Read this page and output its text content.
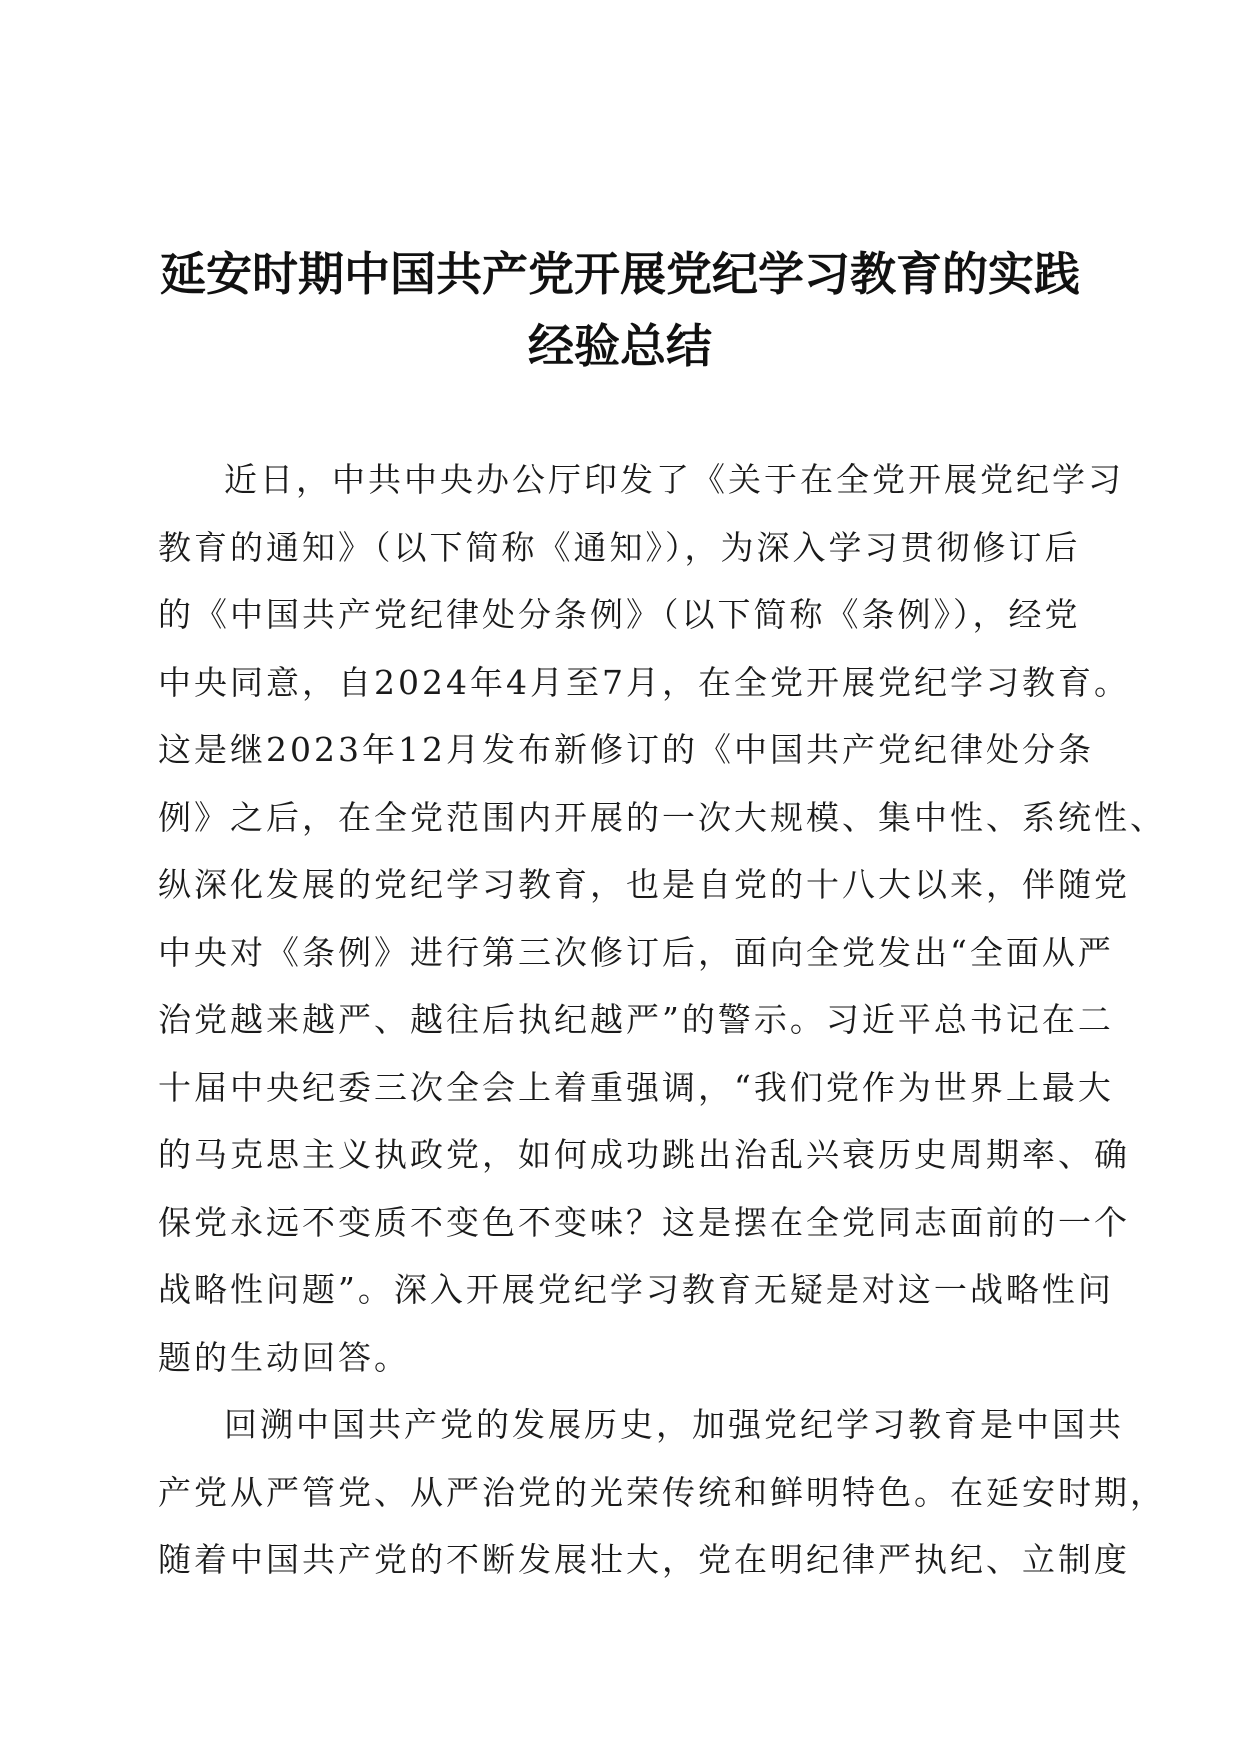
延安时期中国共产党开展党纪学习教育的实践
经验总结

近日，中共中央办公厅印发了《关于在全党开展党纪学习
教育的通知》（以下简称《通知》），为深入学习贯彻修订后
的《中国共产党纪律处分条例》（以下简称《条例》），经党
中央同意，自2024年4月至7月，在全党开展党纪学习教育。
这是继2023年12月发布新修订的《中国共产党纪律处分条
例》之后，在全党范围内开展的一次大规模、集中性、系统性、
纵深化发展的党纪学习教育，也是自党的十八大以来，伴随党
中央对《条例》进行第三次修订后，面向全党发出“全面从严
治党越来越严、越往后执纪越严”的警示。习近平总书记在二
十届中央纪委三次全会上着重强调，“我们党作为世界上最大
的马克思主义执政党，如何成功跳出治乱兴衰历史周期率、确
保党永远不变质不变色不变味？这是摆在全党同志面前的一个
战略性问题”。深入开展党纪学习教育无疑是对这一战略性问
题的生动回答。

回溯中国共产党的发展历史，加强党纪学习教育是中国共
产党从严管党、从严治党的光荣传统和鲜明特色。在延安时期，
随着中国共产党的不断发展壮大，党在明纪律严执纪、立制度
